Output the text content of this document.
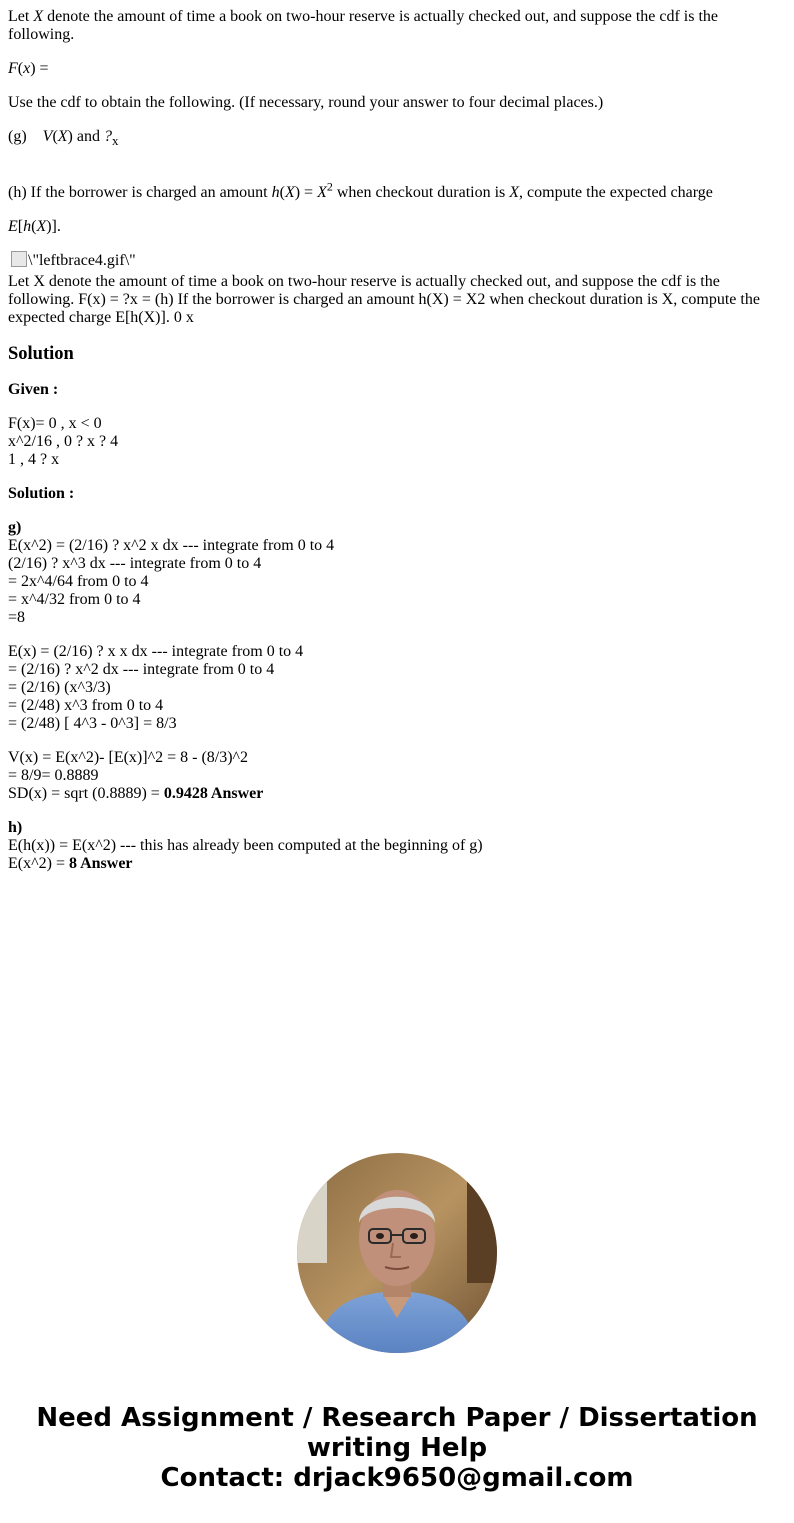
Let X denote the amount of time a book on two-hour reserve is actually checked out, and suppose the cdf is the following.

F(x) =

Use the cdf to obtain the following. (If necessary, round your answer to four decimal places.)

(g)    V(X) and $?_x$

(h) If the borrower is charged an amount $h(X) = X^2$ when checkout duration is X, compute the expected charge

E[h(X)].

\"leftbrace4.gif\"

Let X denote the amount of time a book on two-hour reserve is actually checked out, and suppose the cdf is the following. F(x) = ?x = (h) If the borrower is charged an amount h(X) = X2 when checkout duration is X, compute the expected charge E[h(X)]. 0 x

Solution

Given :

F(x)= 0 , x < 0
x^2/16 , 0 ? x ? 4
1 , 4 ? x

Solution :

g)
E(x^2) = (2/16) ? x^2 x dx --- integrate from 0 to 4
(2/16) ? x^3 dx --- integrate from 0 to 4
= 2x^4/64 from 0 to 4
= x^4/32 from 0 to 4
=8

E(x) = (2/16) ? x x dx --- integrate from 0 to 4
= (2/16) ? x^2 dx --- integrate from 0 to 4
= (2/16) (x^3/3)
= (2/48) x^3 from 0 to 4
= (2/48) [ 4^3 - 0^3] = 8/3

V(x) = E(x^2)- [E(x)]^2 = 8 - (8/3)^2
= 8/9= 0.8889
SD(x) = sqrt (0.8889) = 0.9428 Answer

h)
E(h(x)) = E(x^2) --- this has already been computed at the beginning of g)
E(x^2) = 8 Answer

Need Assignment / Research Paper / Dissertation
writing Help
Contact: drjack9650@gmail.com
